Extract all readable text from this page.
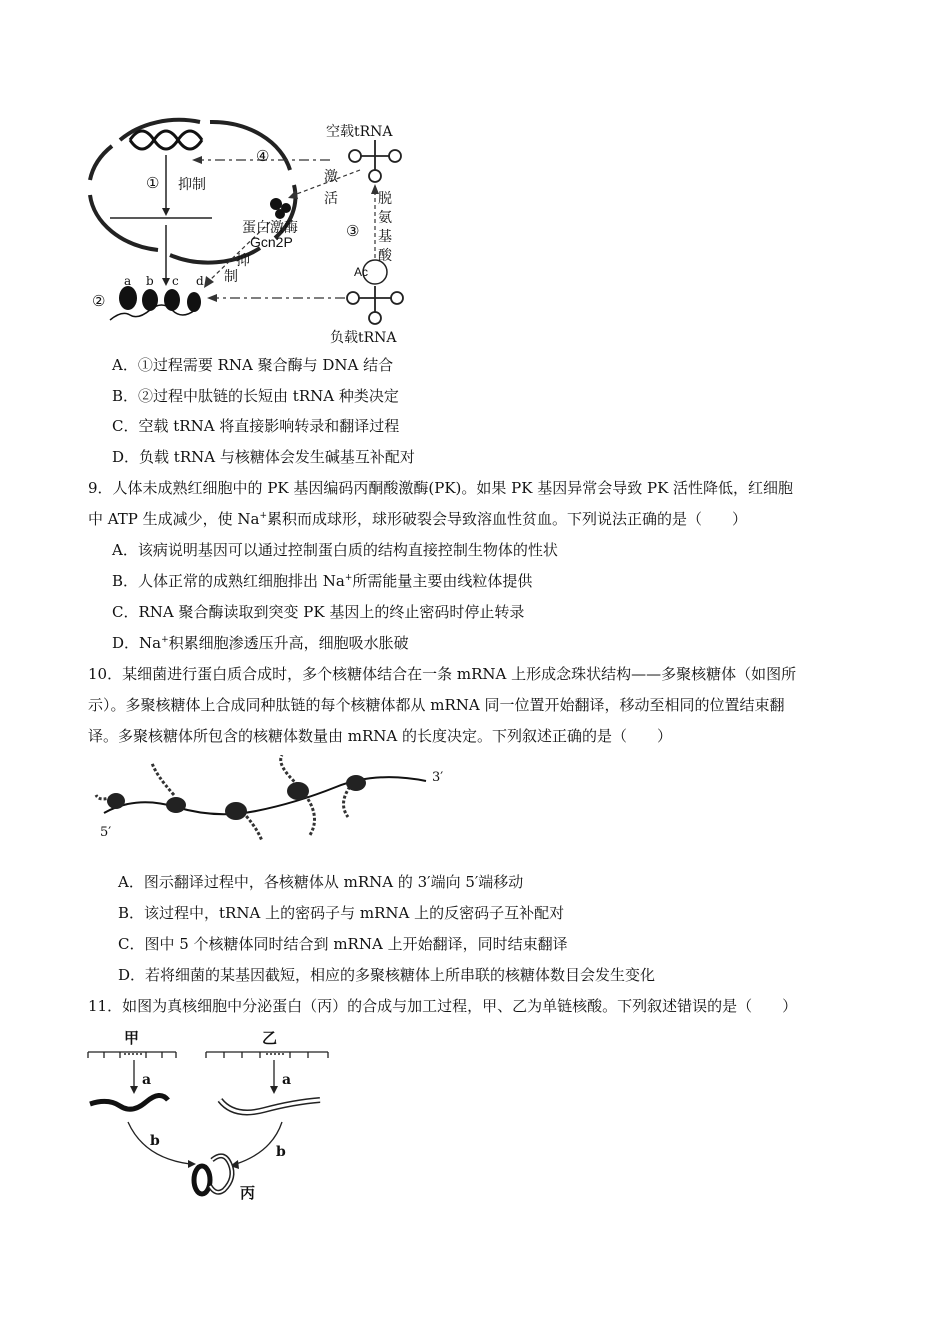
空载tRNA
④
① 抑制	激
活	脱
氨
基
酸
③
蛋白激酶
Gcn2P
抑
制	Ac
②
a b c d
负载tRNA
A．①过程需要 RNA 聚合酶与 DNA 结合
B．②过程中肽链的长短由 tRNA 种类决定
C．空载 tRNA 将直接影响转录和翻译过程
D．负载 tRNA 与核糖体会发生碱基互补配对
9．人体未成熟红细胞中的 PK 基因编码丙酮酸激酶(PK)。如果 PK 基因异常会导致 PK 活性降低，红细胞
中 ATP 生成减少，使 Na+累积而成球形，球形破裂会导致溶血性贫血。下列说法正确的是（　　）
A．该病说明基因可以通过控制蛋白质的结构直接控制生物体的性状
B．人体正常的成熟红细胞排出 Na+所需能量主要由线粒体提供
C．RNA 聚合酶读取到突变 PK 基因上的终止密码时停止转录
D．Na+积累细胞渗透压升高，细胞吸水胀破
10．某细菌进行蛋白质合成时，多个核糖体结合在一条 mRNA 上形成念珠状结构——多聚核糖体（如图所
示）。多聚核糖体上合成同种肽链的每个核糖体都从 mRNA 同一位置开始翻译，移动至相同的位置结束翻
译。多聚核糖体所包含的核糖体数量由 mRNA 的长度决定。下列叙述正确的是（　　）
3′
5′
A．图示翻译过程中，各核糖体从 mRNA 的 3′端向 5′端移动
B．该过程中，tRNA 上的密码子与 mRNA 上的反密码子互补配对
C．图中 5 个核糖体同时结合到 mRNA 上开始翻译，同时结束翻译
D．若将细菌的某基因截短，相应的多聚核糖体上所串联的核糖体数目会发生变化
11．如图为真核细胞中分泌蛋白（丙）的合成与加工过程，甲、乙为单链核酸。下列叙述错误的是（　　）
甲	乙
a	a
b
b
丙
